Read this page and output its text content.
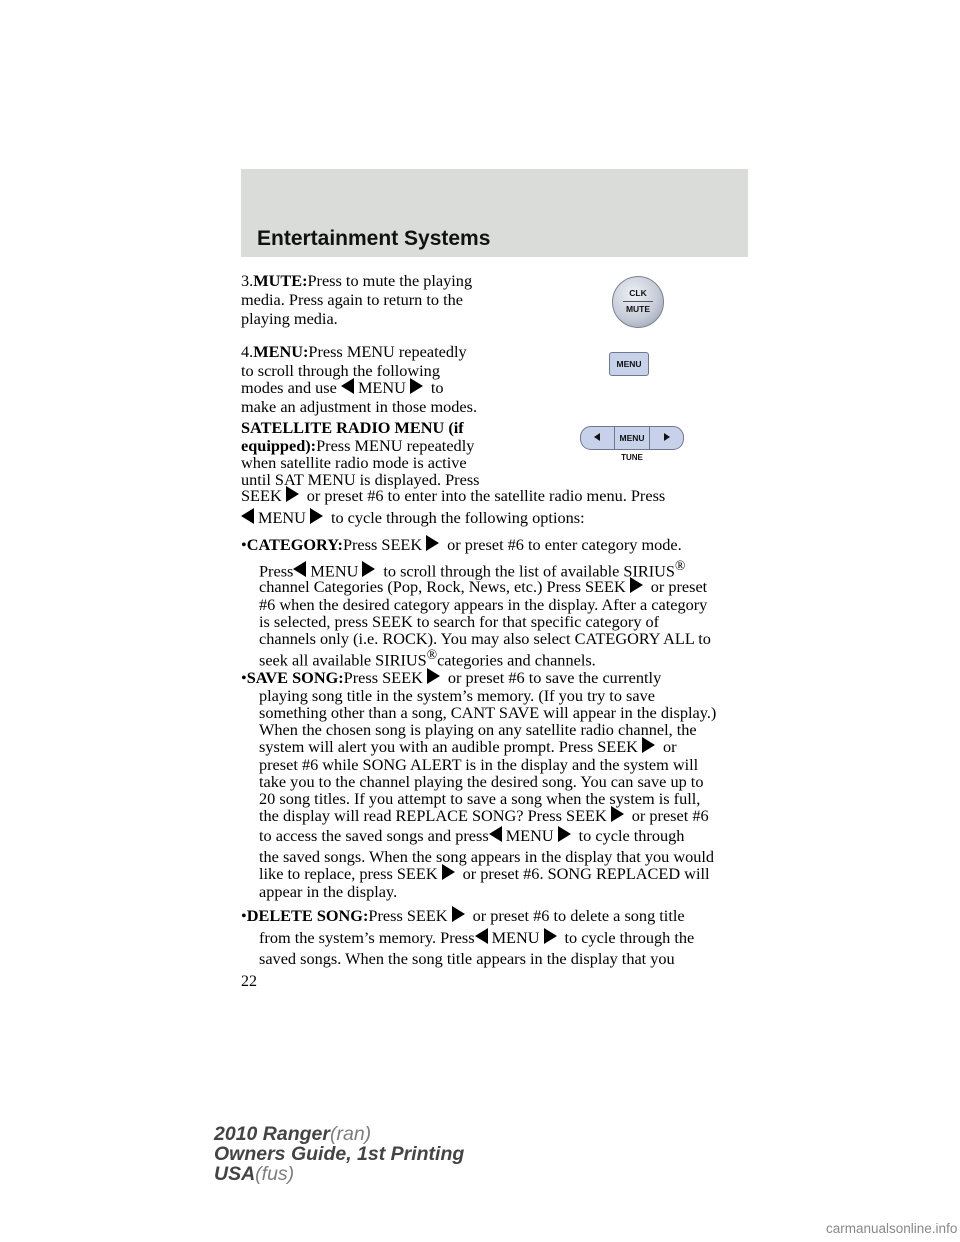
Entertainment Systems
CLK
MUTE
MENU
MENU
TUNE
3.MUTE:Press to mute the playing
media. Press again to return to the
playing media.
4.MENU:Press MENU repeatedly
to scroll through the following
modes and use MENU to
make an adjustment in those modes.
SATELLITE RADIO MENU (if
equipped):Press MENU repeatedly
when satellite radio mode is active
until SAT MENU is displayed. Press
SEEK or preset #6 to enter into the satellite radio menu. Press
MENU to cycle through the following options:
•CATEGORY:Press SEEK or preset #6 to enter category mode.
Press MENU to scroll through the list of available SIRIUS®
channel Categories (Pop, Rock, News, etc.) Press SEEK or preset
#6 when the desired category appears in the display. After a category
is selected, press SEEK to search for that specific category of
channels only (i.e. ROCK). You may also select CATEGORY ALL to
seek all available SIRIUS®categories and channels.
•SAVE SONG:Press SEEK or preset #6 to save the currently
playing song title in the system’s memory. (If you try to save
something other than a song, CANT SAVE will appear in the display.)
When the chosen song is playing on any satellite radio channel, the
system will alert you with an audible prompt. Press SEEK or
preset #6 while SONG ALERT is in the display and the system will
take you to the channel playing the desired song. You can save up to
20 song titles. If you attempt to save a song when the system is full,
the display will read REPLACE SONG? Press SEEK or preset #6
to access the saved songs and press MENU to cycle through
the saved songs. When the song appears in the display that you would
like to replace, press SEEK or preset #6. SONG REPLACED will
appear in the display.
•DELETE SONG:Press SEEK or preset #6 to delete a song title
from the system’s memory. Press MENU to cycle through the
saved songs. When the song title appears in the display that you
22
2010 Ranger(ran)
Owners Guide, 1st Printing
USA(fus)
carmanualsonline.info
